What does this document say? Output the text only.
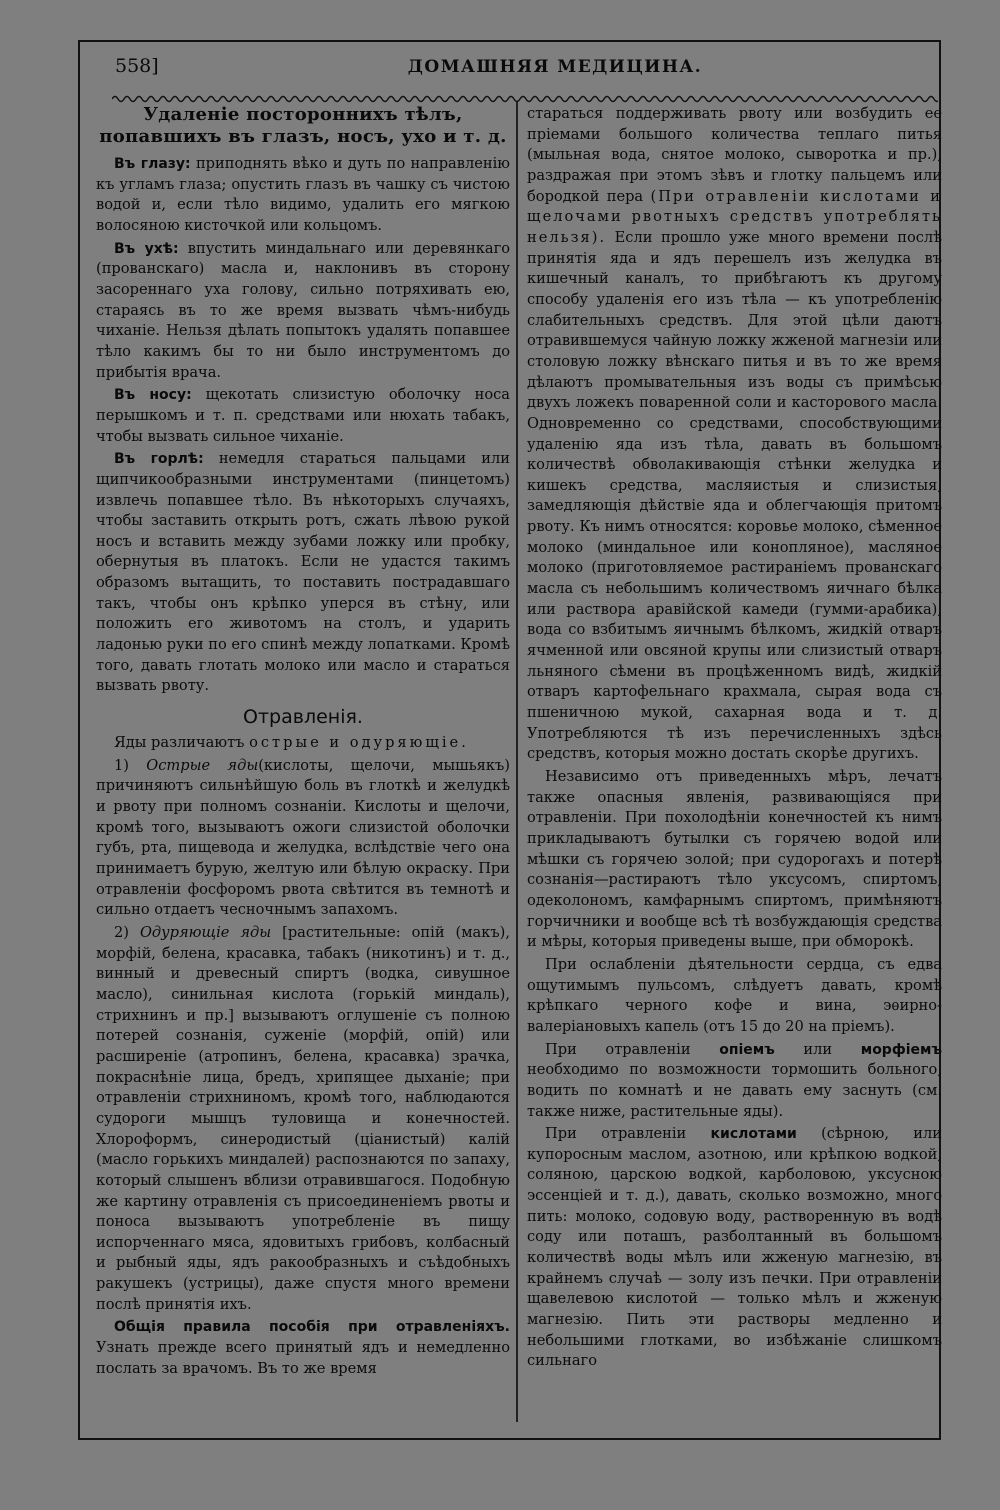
558]	ДОМАШНЯЯ МЕДИЦИНА.
Удаленіе постороннихъ тѣлъ, попавшихъ въ глазъ, носъ, ухо и т. д.

Въ глазу: приподнять вѣко и дуть по направленію къ угламъ глаза; опустить глазъ въ чашку съ чистою водой и, если тѣло видимо, удалить его мягкою волосяною кисточкой или кольцомъ.

Въ ухѣ: впустить миндальнаго или деревянкаго (прованскаго) масла и, наклонивъ въ сторону засореннаго уха голову, сильно потряхивать ею, стараясь въ то же время вызвать чѣмъ-нибудь чиханіе. Нельзя дѣлать попытокъ удалять попавшее тѣло какимъ бы то ни было инструментомъ до прибытія врача.

Въ носу: щекотать слизистую оболочку носа перышкомъ и т. п. средствами или нюхать табакъ, чтобы вызвать сильное чиханіе.

Въ горлѣ: немедля стараться пальцами или щипчикообразными инструментами (пинцетомъ) извлечь попавшее тѣло. Въ нѣкоторыхъ случаяхъ, чтобы заставить открыть ротъ, сжать лѣвою рукой носъ и вставить между зубами ложку или пробку, обернутыя въ платокъ. Если не удастся такимъ образомъ вытащить, то поставить пострадавшаго такъ, чтобы онъ крѣпко уперся въ стѣну, или положить его животомъ на столъ, и ударить ладонью руки по его спинѣ между лопатками. Кромѣ того, давать глотать молоко или масло и стараться вызвать рвоту.

Отравленія.

Яды различаютъ острые и одуряющіе.

1) Острые яды(кислоты, щелочи, мышьякъ) причиняютъ сильнѣйшую боль въ глоткѣ и желудкѣ и рвоту при полномъ сознаніи. Кислоты и щелочи, кромѣ того, вызываютъ ожоги слизистой оболочки губъ, рта, пищевода и желудка, вслѣдствіе чего она принимаетъ бурую, желтую или бѣлую окраску. При отравленіи фосфоромъ рвота свѣтится въ темнотѣ и сильно отдаетъ чесночнымъ запахомъ.

2) Одуряющіе яды [растительные: опій (макъ), морфій, белена, красавка, табакъ (никотинъ) и т. д., винный и древесный спиртъ (водка, сивушное масло), синильная кислота (горькій миндаль), стрихнинъ и пр.] вызываютъ оглушеніе съ полною потерей сознанія, суженіе (морфій, опій) или расширеніе (атропинъ, белена, красавка) зрачка, покраснѣніе лица, бредъ, хрипящее дыханіе; при отравленіи стрихниномъ, кромѣ того, наблюдаются судороги мышцъ туловища и конечностей. Хлороформъ, синеродистый (ціанистый) калій (масло горькихъ миндалей) распознаются по запаху, который слышенъ вблизи отравившагося. Подобную же картину отравленія съ присоединеніемъ рвоты и поноса вызываютъ употребленіе въ пищу испорченнаго мяса, ядовитыхъ грибовъ, колбасный и рыбный яды, ядъ ракообразныхъ и съѣдобныхъ ракушекъ (устрицы), даже спустя много времени послѣ принятія ихъ.

Общія правила пособія при отравленіяхъ. Узнать прежде всего принятый ядъ и немедленно послать за врачомъ. Въ то же время

стараться поддерживать рвоту или возбудить ее пріемами большого количества теплаго питья (мыльная вода, снятое молоко, сыворотка и пр.), раздражая при этомъ зѣвъ и глотку пальцемъ или бородкой пера (При отравленіи кислотами и щелочами рвотныхъ средствъ употреблять нельзя). Если прошло уже много времени послѣ принятія яда и ядъ перешелъ изъ желудка въ кишечный каналъ, то прибѣгаютъ къ другому способу удаленія его изъ тѣла — къ употребленію слабительныхъ средствъ. Для этой цѣли даютъ отравившемуся чайную ложку жженой магнезіи или столовую ложку вѣнскаго питья и въ то же время дѣлаютъ промывательныя изъ воды съ примѣсью двухъ ложекъ поваренной соли и касторового масла. Одновременно со средствами, способствующими удаленію яда изъ тѣла, давать въ большомъ количествѣ обволакивающія стѣнки желудка и кишекъ средства, масляистыя и слизистыя, замедляющія дѣйствіе яда и облегчающія притомъ рвоту. Къ нимъ относятся: коровье молоко, сѣменное молоко (миндальное или конопляное), масляное молоко (приготовляемое растираніемъ прованскаго масла съ небольшимъ количествомъ яичнаго бѣлка или раствора аравійской камеди (гумми-арабика), вода со взбитымъ яичнымъ бѣлкомъ, жидкій отваръ ячменной или овсяной крупы или слизистый отваръ льняного сѣмени въ процѣженномъ видѣ, жидкій отваръ картофельнаго крахмала, сырая вода съ пшеничною мукой, сахарная вода и т. д. Употребляются тѣ изъ перечисленныхъ здѣсь средствъ, которыя можно достать скорѣе другихъ.

Независимо отъ приведенныхъ мѣръ, лечатъ также опасныя явленія, развивающіяся при отравленіи. При похолодѣніи конечностей къ нимъ прикладываютъ бутылки съ горячею водой или мѣшки съ горячею золой; при судорогахъ и потерѣ сознанія—растираютъ тѣло уксусомъ, спиртомъ, одеколономъ, камфарнымъ спиртомъ, примѣняютъ горчичники и вообще всѣ тѣ возбуждающія средства и мѣры, которыя приведены выше, при обморокѣ.

При ослабленіи дѣятельности сердца, съ едва ощутимымъ пульсомъ, слѣдуетъ давать, кромѣ крѣпкаго черного кофе и вина, эѳирно-валеріановыхъ капель (отъ 15 до 20 на пріемъ).

При отравленіи опіемъ или морфіемъ необходимо по возможности тормошить больного, водить по комнатѣ и не давать ему заснуть (см. также ниже, растительные яды).

При отравленіи кислотами (сѣрною, или купоросным маслом, азотною, или крѣпкою водкой, соляною, царскою водкой, карболовою, уксусною эссенціей и т. д.), давать, сколько возможно, много пить: молоко, содовую воду, растворенную въ водѣ соду или поташъ, разболтанный въ большомъ количествѣ воды мѣлъ или жженую магнезію, въ крайнемъ случаѣ — золу изъ печки. При отравленіи щавелевою кислотой — только мѣлъ и жженую магнезію. Пить эти растворы медленно и небольшими глотками, во избѣжаніе слишкомъ сильнаго
